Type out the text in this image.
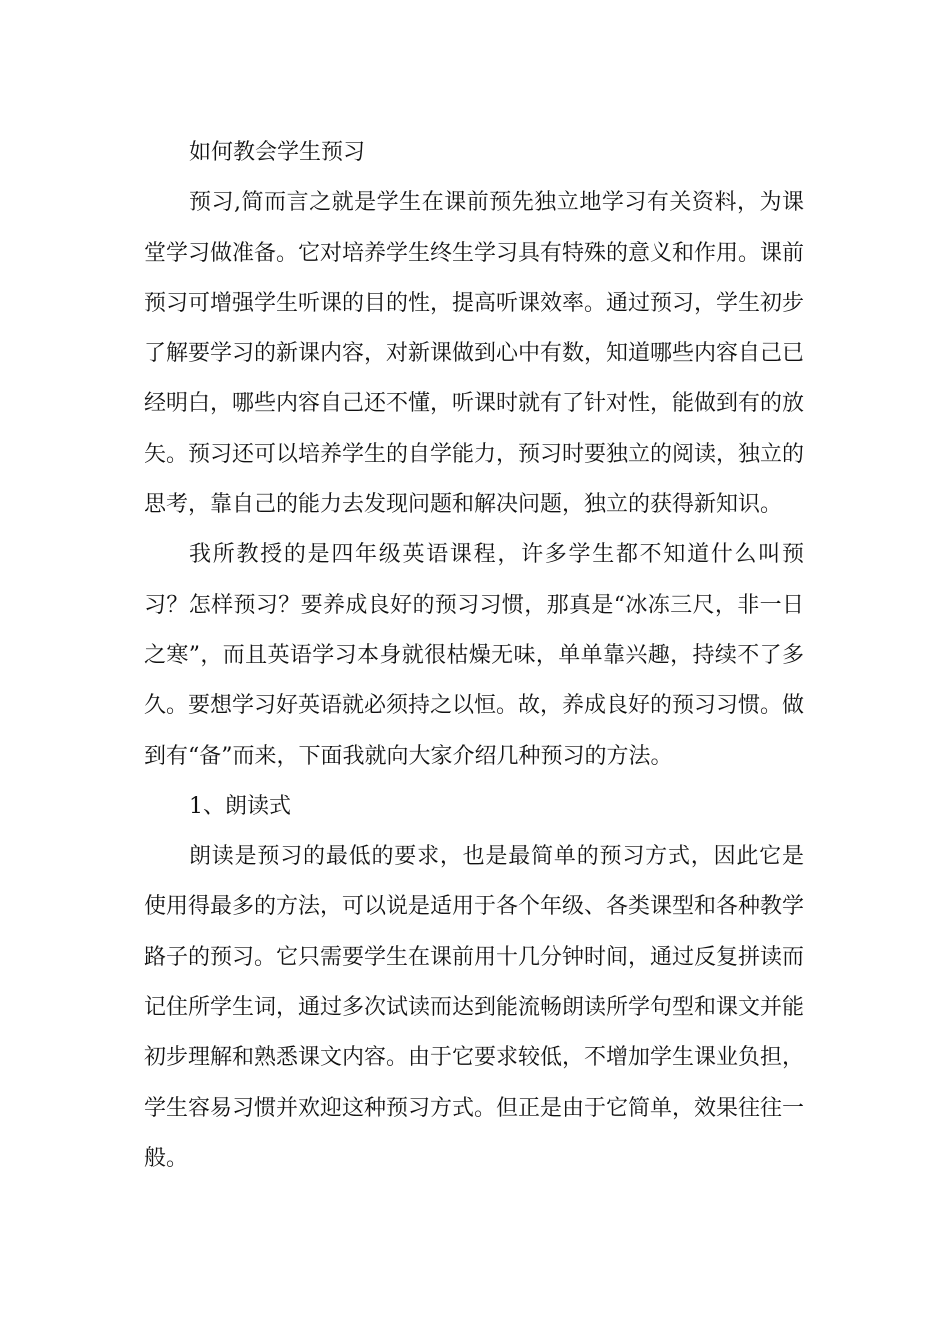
如何教会学生预习

预习,简而言之就是学生在课前预先独立地学习有关资料，为课堂学习做准备。它对培养学生终生学习具有特殊的意义和作用。课前预习可增强学生听课的目的性，提高听课效率。通过预习，学生初步了解要学习的新课内容，对新课做到心中有数，知道哪些内容自己已经明白，哪些内容自己还不懂，听课时就有了针对性，能做到有的放矢。预习还可以培养学生的自学能力，预习时要独立的阅读，独立的思考，靠自己的能力去发现问题和解决问题，独立的获得新知识。

我所教授的是四年级英语课程，许多学生都不知道什么叫预习？怎样预习？要养成良好的预习习惯，那真是“冰冻三尺，非一日之寒”，而且英语学习本身就很枯燥无味，单单靠兴趣，持续不了多久。要想学习好英语就必须持之以恒。故，养成良好的预习习惯。做到有“备”而来，下面我就向大家介绍几种预习的方法。

1、朗读式

朗读是预习的最低的要求，也是最简单的预习方式，因此它是使用得最多的方法，可以说是适用于各个年级、各类课型和各种教学路子的预习。它只需要学生在课前用十几分钟时间，通过反复拼读而记住所学生词，通过多次试读而达到能流畅朗读所学句型和课文并能初步理解和熟悉课文内容。由于它要求较低，不增加学生课业负担，学生容易习惯并欢迎这种预习方式。但正是由于它简单，效果往往一般。
